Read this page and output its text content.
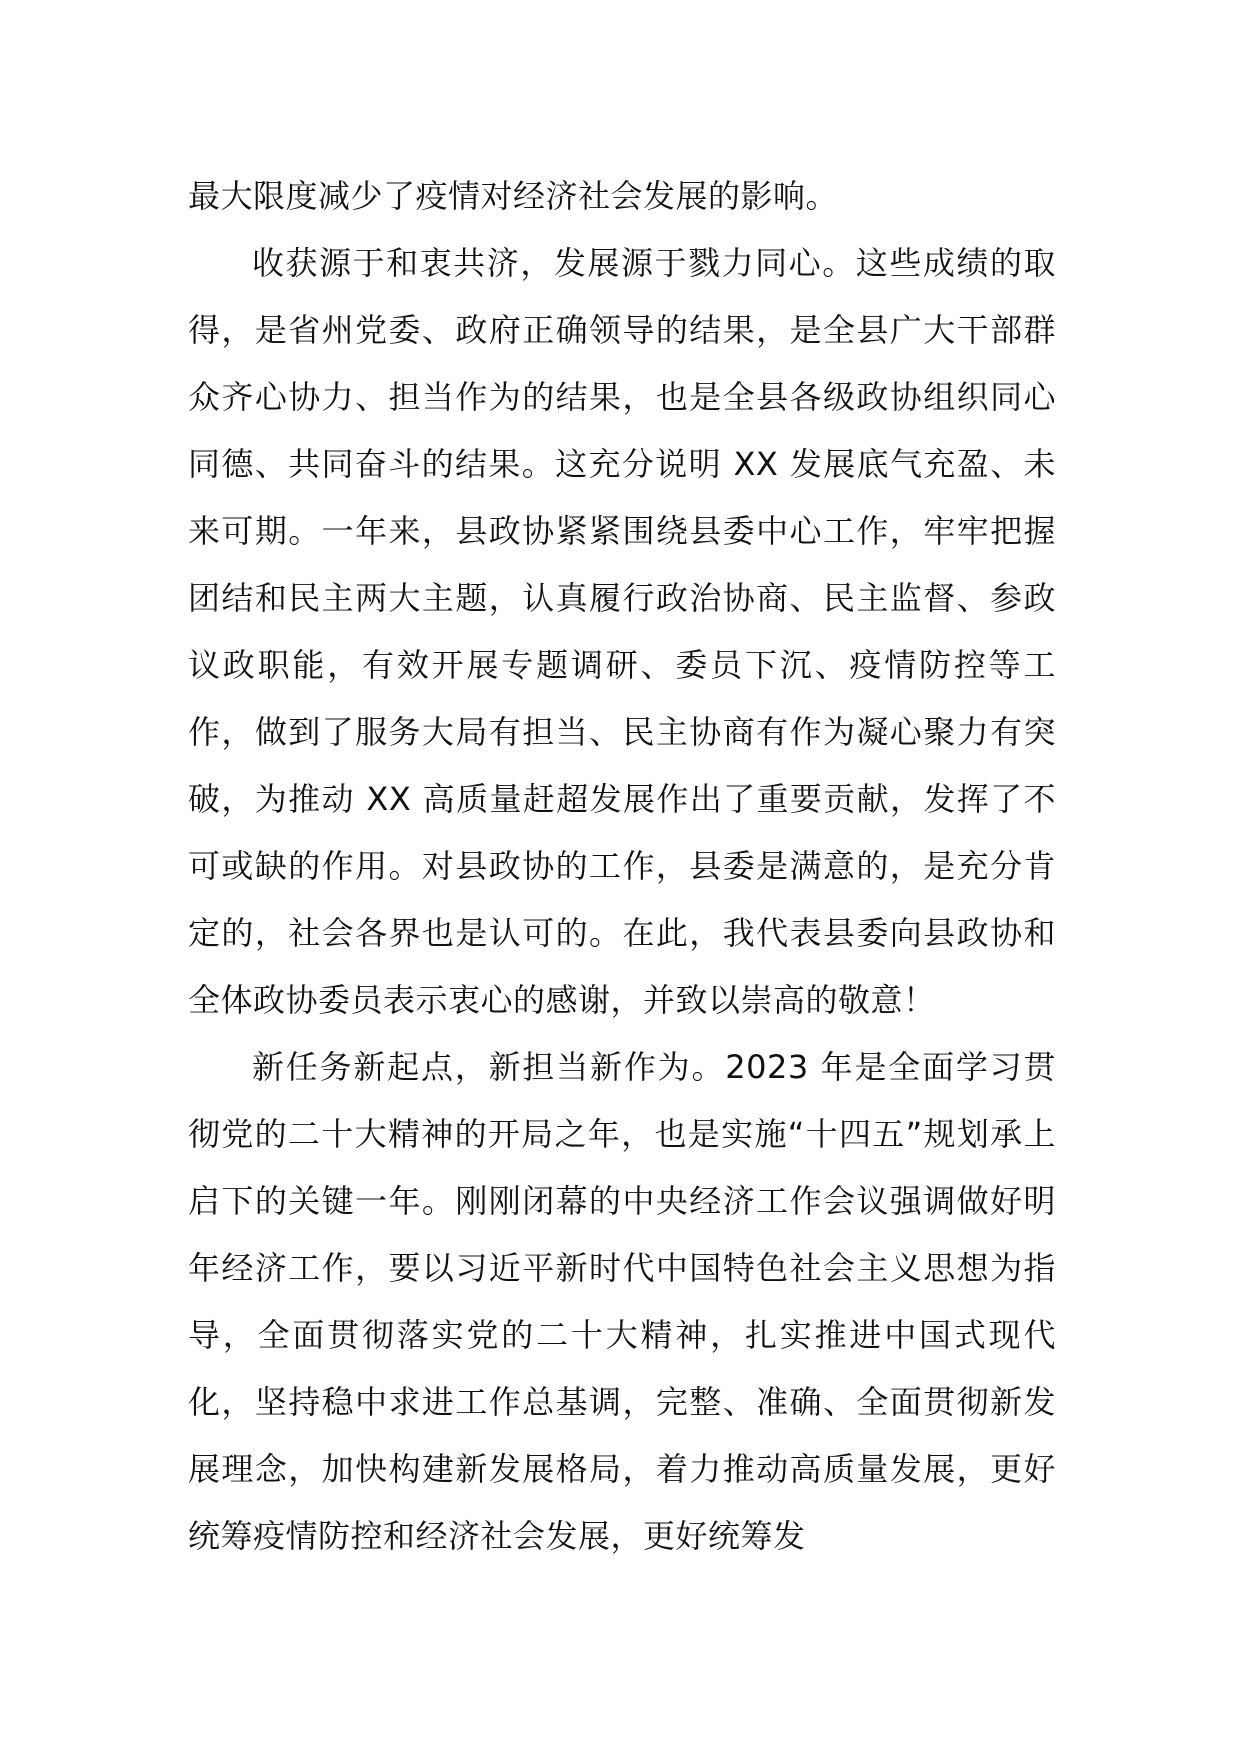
最大限度减少了疫情对经济社会发展的影响。

收获源于和衷共济，发展源于戮力同心。这些成绩的取得，是省州党委、政府正确领导的结果，是全县广大干部群众齐心协力、担当作为的结果，也是全县各级政协组织同心同德、共同奋斗的结果。这充分说明 XX 发展底气充盈、未来可期。一年来，县政协紧紧围绕县委中心工作，牢牢把握团结和民主两大主题，认真履行政治协商、民主监督、参政议政职能，有效开展专题调研、委员下沉、疫情防控等工作，做到了服务大局有担当、民主协商有作为凝心聚力有突破，为推动 XX 高质量赶超发展作出了重要贡献，发挥了不可或缺的作用。对县政协的工作，县委是满意的，是充分肯定的，社会各界也是认可的。在此，我代表县委向县政协和全体政协委员表示衷心的感谢，并致以崇高的敬意！

新任务新起点，新担当新作为。2023 年是全面学习贯彻党的二十大精神的开局之年，也是实施“十四五”规划承上启下的关键一年。刚刚闭幕的中央经济工作会议强调做好明年经济工作，要以习近平新时代中国特色社会主义思想为指导，全面贯彻落实党的二十大精神，扎实推进中国式现代化，坚持稳中求进工作总基调，完整、准确、全面贯彻新发展理念，加快构建新发展格局，着力推动高质量发展，更好统筹疫情防控和经济社会发展，更好统筹发
